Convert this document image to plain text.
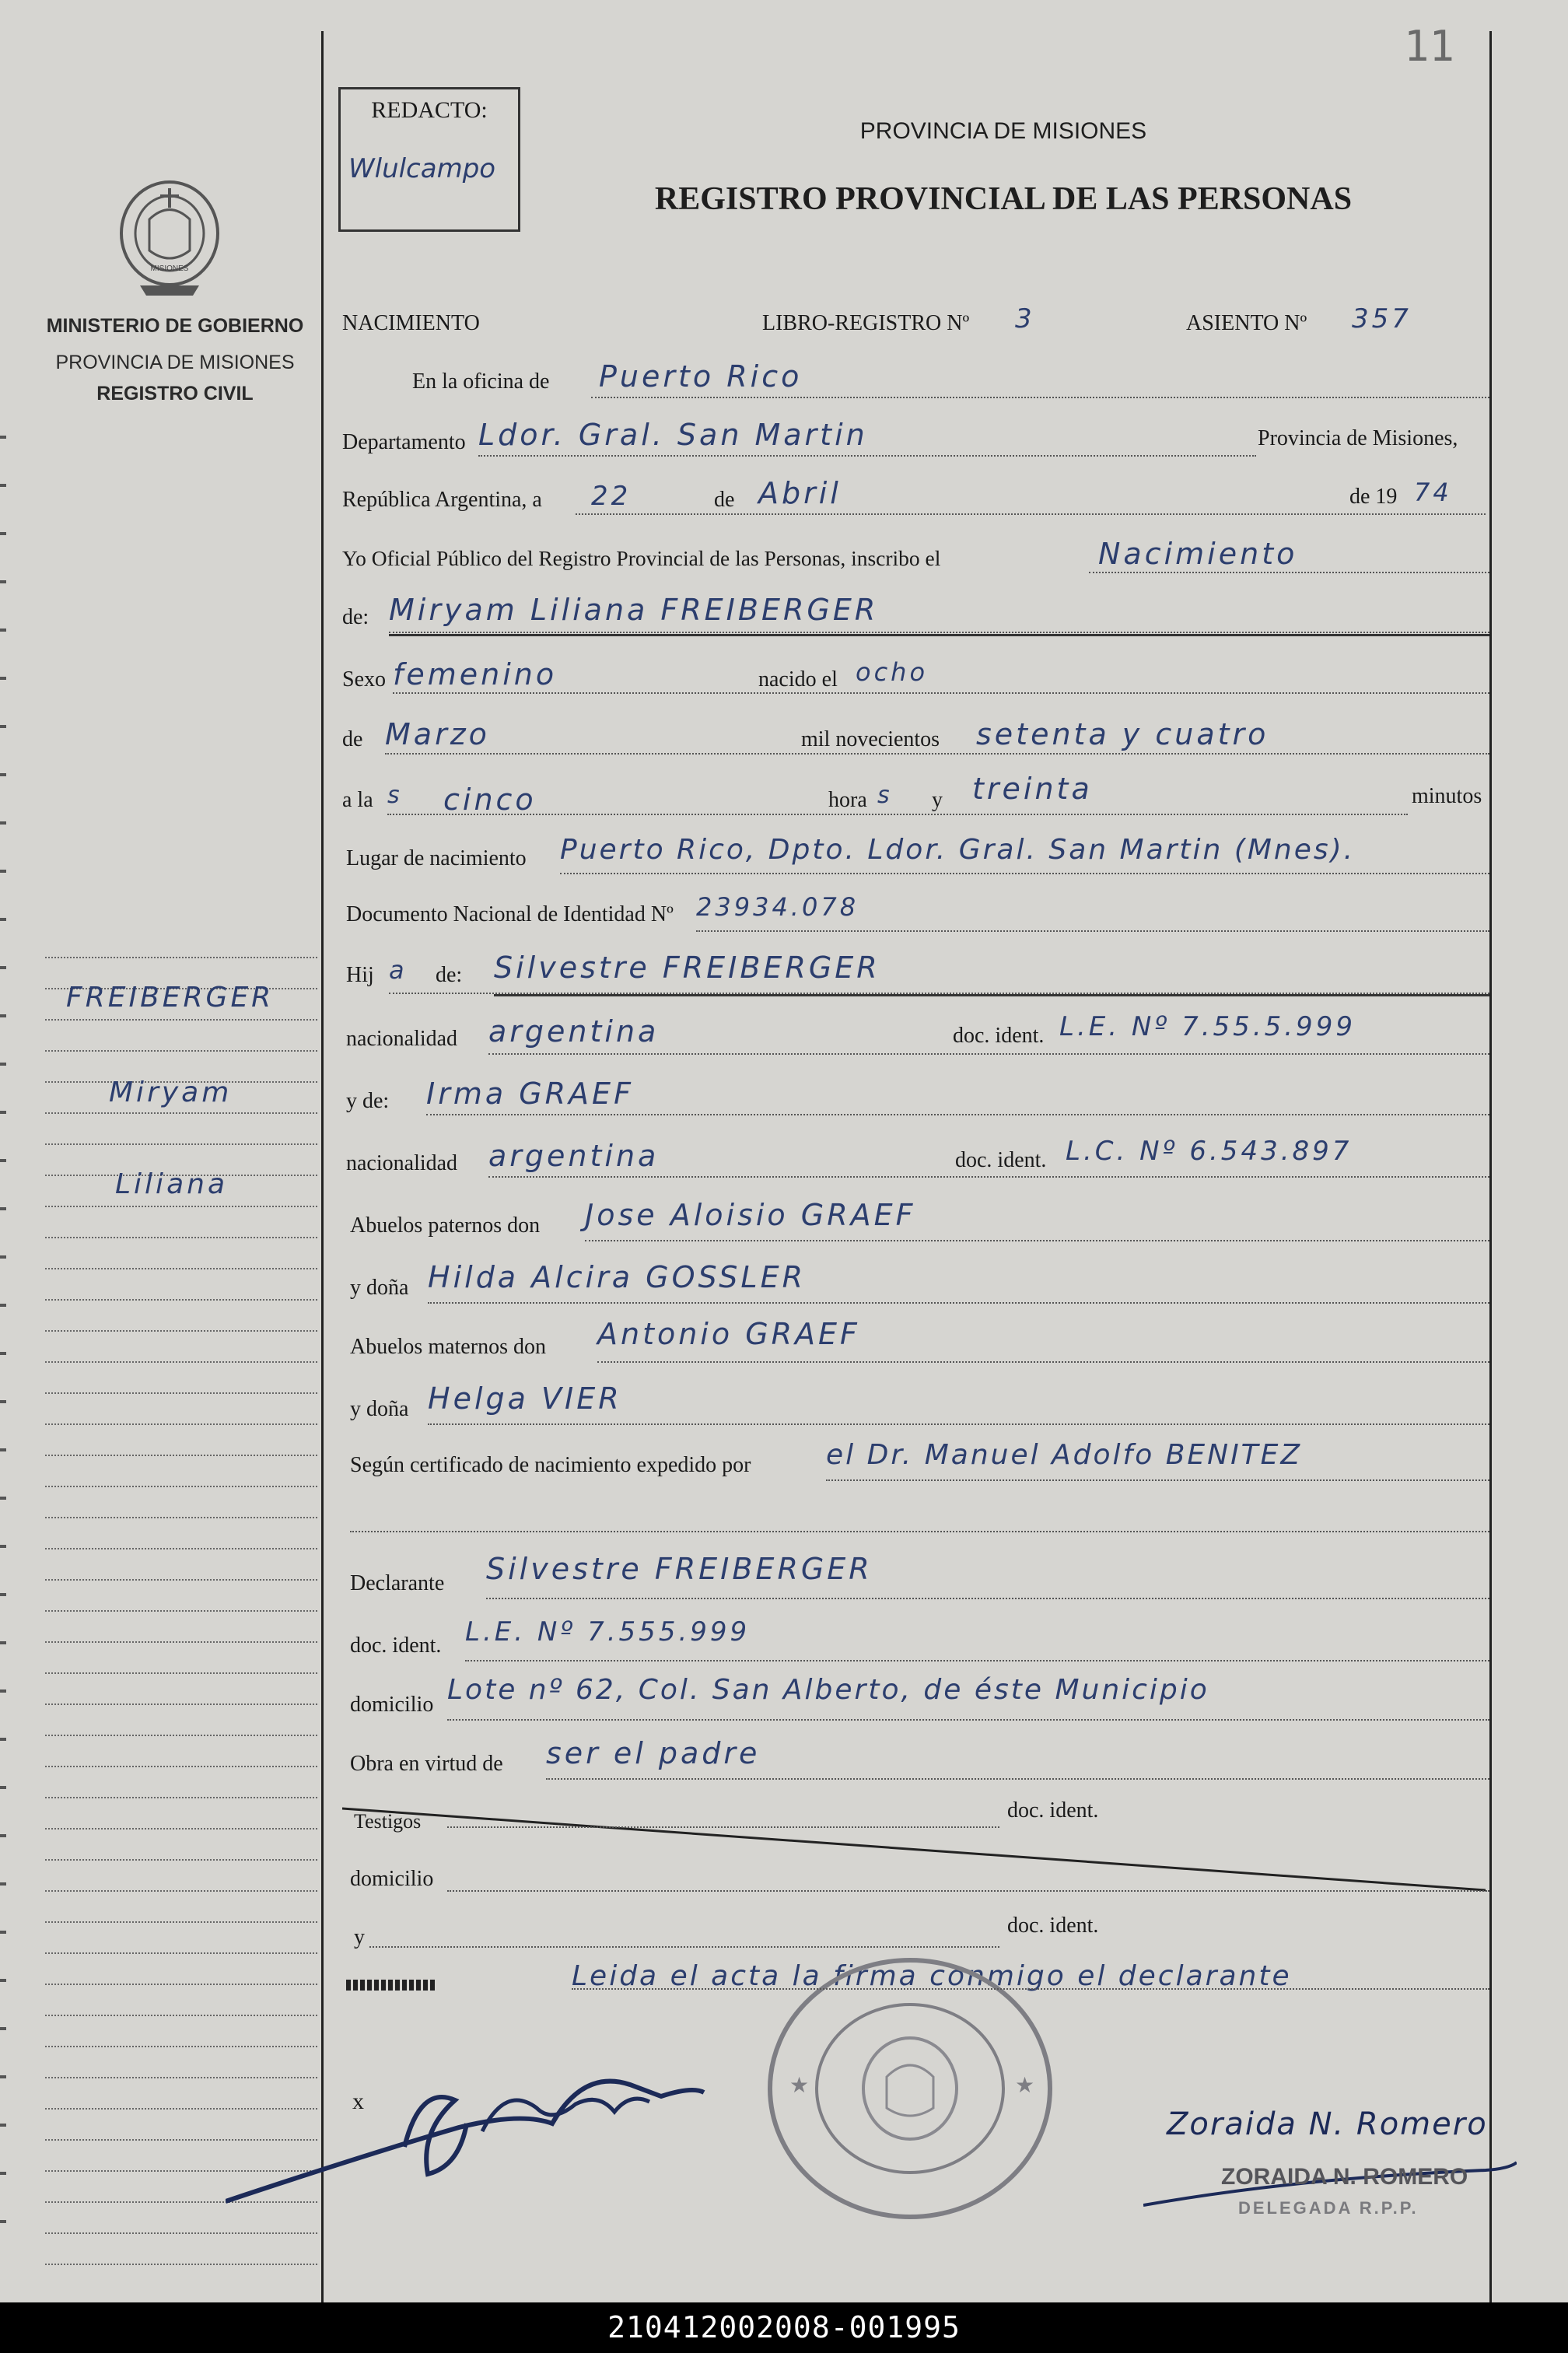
11
MISIONES
MINISTERIO DE GOBIERNO
PROVINCIA DE MISIONES
REGISTRO CIVIL
FREIBERGER
Miryam
Liliana
REDACTO:
Wlulcampo
PROVINCIA DE MISIONES
REGISTRO PROVINCIAL DE LAS PERSONAS
NACIMIENTO	LIBRO-REGISTRO Nº 3	ASIENTO Nº 357
En la oficina de Puerto Rico
Departamento Ldor. Gral. San Martin	Provincia de Misiones,
República Argentina, a 22	de Abril	de 19 74
Yo Oficial Público del Registro Provincial de las Personas, inscribo el	Nacimiento
de: Miryam Liliana FREIBERGER
Sexo femenino	nacido el ocho
de Marzo	mil novecientos setenta y cuatro
a la s cinco	hora s y treinta	minutos
Lugar de nacimiento Puerto Rico, Dpto. Ldor. Gral. San Martin (Mnes).
Documento Nacional de Identidad Nº 23934.078
Hij a de: Silvestre FREIBERGER
nacionalidad argentina	doc. ident. L.E. Nº 7.55.5.999
y de: Irma GRAEF
nacionalidad argentina	doc. ident. L.C. Nº 6.543.897
Abuelos paternos don Jose Aloisio GRAEF
y doña Hilda Alcira GOSSLER
Abuelos maternos don Antonio GRAEF
y doña Helga VIER
Según certificado de nacimiento expedido por	el Dr. Manuel Adolfo BENITEZ
Declarante Silvestre FREIBERGER
doc. ident. L.E. Nº 7.555.999
domicilio Lote nº 62, Col. San Alberto, de éste Municipio
Obra en virtud de ser el padre
Testigos	doc. ident.
domicilio
y	doc. ident.
Leida el acta la firma conmigo el declarante
x
★	★
Zoraida N. Romero
ZORAIDA N. ROMERO
DELEGADA R.P.P.
210412002008-001995
